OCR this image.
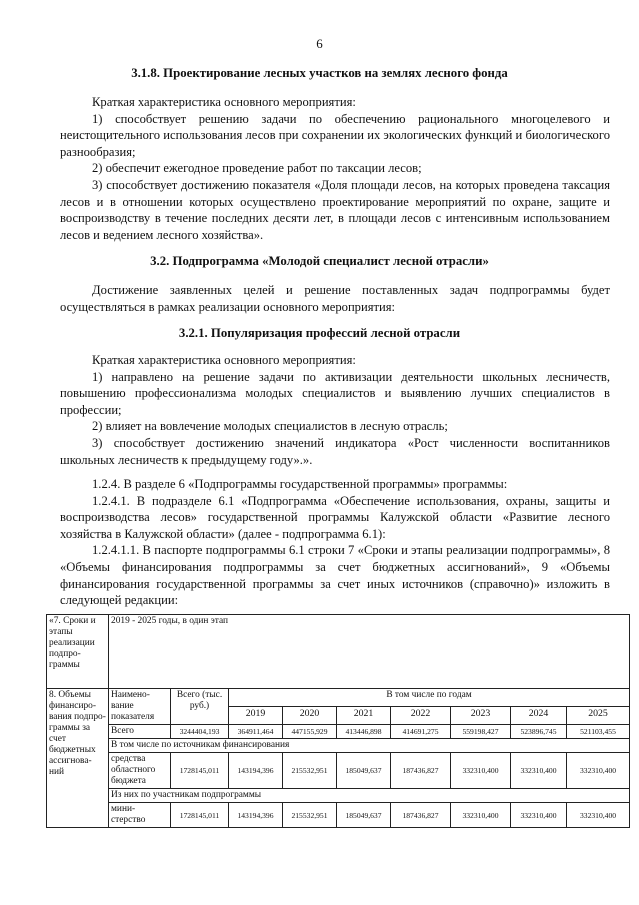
6
3.1.8. Проектирование лесных участков на землях лесного фонда

Краткая характеристика основного мероприятия:

1) способствует решению задачи по обеспечению рационального многоцелевого и неистощительного использования лесов при сохранении их экологических функций и биологического разнообразия;

2) обеспечит ежегодное проведение работ по таксации лесов;

3) способствует достижению показателя «Доля площади лесов, на которых проведена таксация лесов и в отношении которых осуществлено проектирование мероприятий по охране, защите и воспроизводству в течение последних десяти лет, в площади лесов с интенсивным использованием лесов и ведением лесного хозяйства».

3.2. Подпрограмма «Молодой специалист лесной отрасли»

Достижение заявленных целей и решение поставленных задач подпрограммы будет осуществляться в рамках реализации основного мероприятия:

3.2.1. Популяризация профессий лесной отрасли

Краткая характеристика основного мероприятия:

1) направлено на решение задачи по активизации деятельности школьных лесничеств, повышению профессионализма молодых специалистов и выявлению лучших специалистов в профессии;

2) влияет на вовлечение молодых специалистов в лесную отрасль;

3) способствует достижению значений индикатора «Рост численности воспитанников школьных лесничеств к предыдущему году».».

1.2.4. В разделе 6 «Подпрограммы государственной программы» программы:

1.2.4.1. В подразделе 6.1 «Подпрограмма «Обеспечение использования, охраны, защиты и воспроизводства лесов» государственной программы Калужской области «Развитие лесного хозяйства в Калужской области» (далее - подпрограмма 6.1):

1.2.4.1.1. В паспорте подпрограммы 6.1 строки 7 «Сроки и этапы реализации подпрограммы», 8 «Объемы финансирования подпрограммы за счет бюджетных ассигнований», 9 «Объемы финансирования государственной программы за счет иных источников (справочно)» изложить в следующей редакции:

«7. Сроки и этапы реализации подпро-граммы	2019 - 2025 годы, в один этап								
8. Объемы финансиро-вания подпро-граммы за счет бюджетных ассигнова-ний	Наимено-вание показателя	Всего (тыс. руб.)	В том числе по годам						
			2019	2020	2021	2022	2023	2024	2025
	Всего	3244404,193	364911,464	447155,929	413446,898	414691,275	559198,427	523896,745	521103,455
	В том числе по источникам финансирования								
	средства областного бюджета	1728145,011	143194,396	215532,951	185049,637	187436,827	332310,400	332310,400	332310,400
	Из них по участникам подпрограммы								
	мини-стерство	1728145,011	143194,396	215532,951	185049,637	187436,827	332310,400	332310,400	332310,400
